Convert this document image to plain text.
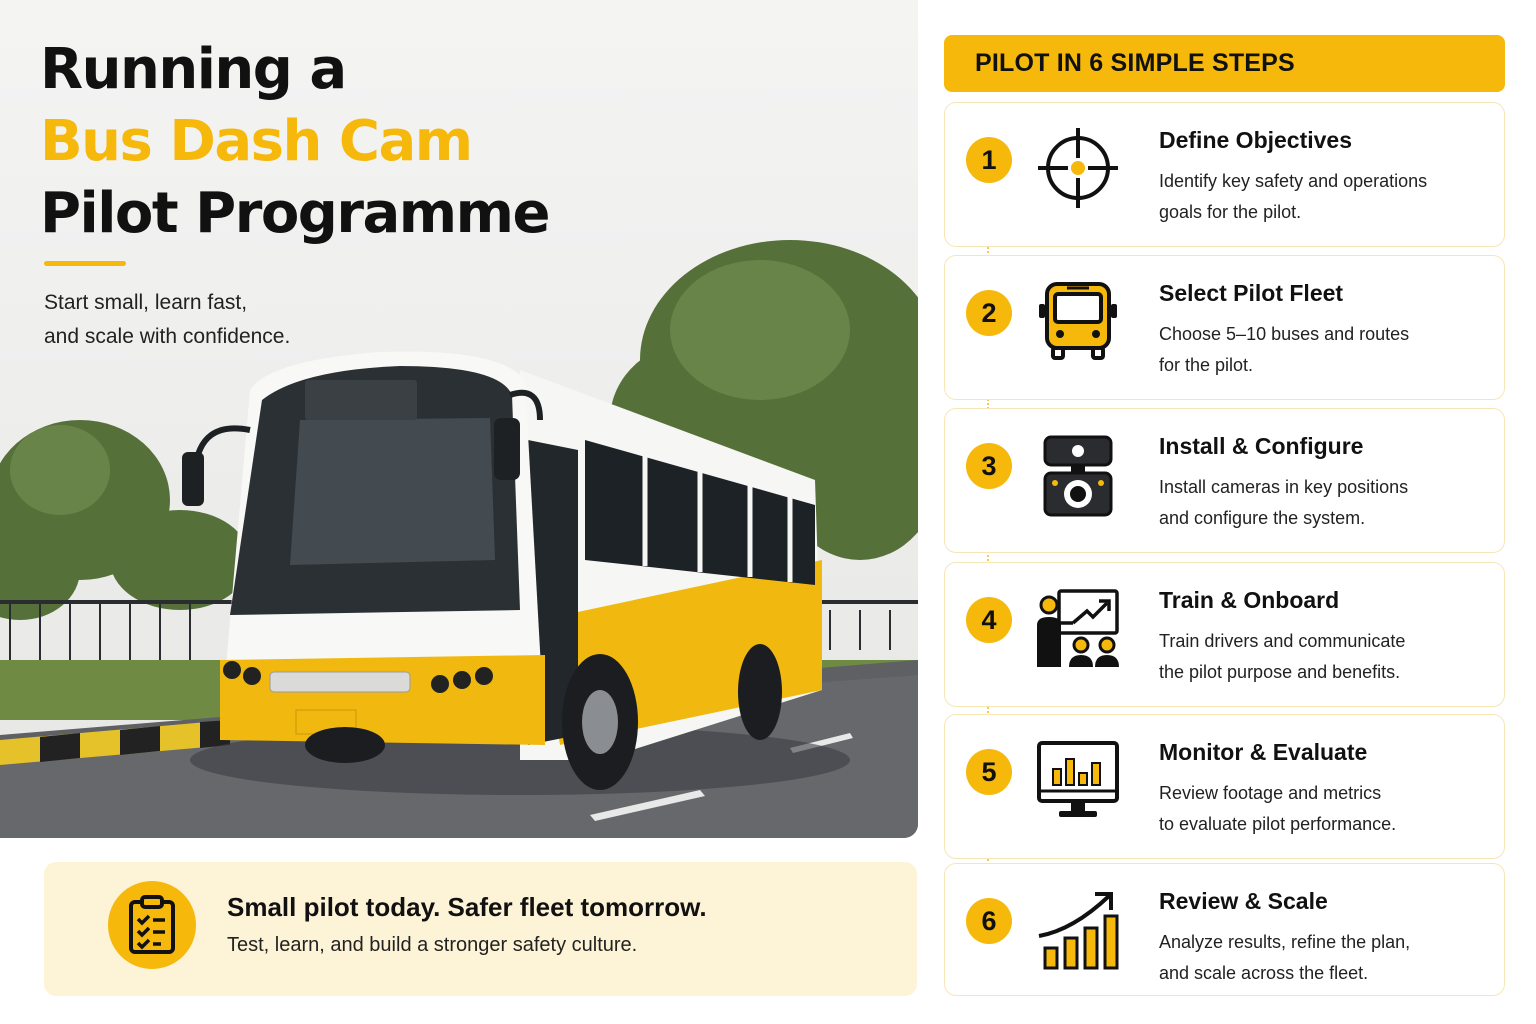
Running a
Bus Dash Cam
Pilot Programme
Start small, learn fast,
and scale with confidence.
Small pilot today. Safer fleet tomorrow.
Test, learn, and build a stronger safety culture.
PILOT IN 6 SIMPLE STEPS
1
Define Objectives
Identify key safety and operations
goals for the pilot.
2
Select Pilot Fleet
Choose 5–10 buses and routes
for the pilot.
3
Install & Configure
Install cameras in key positions
and configure the system.
4
Train & Onboard
Train drivers and communicate
the pilot purpose and benefits.
5
Monitor & Evaluate
Review footage and metrics
to evaluate pilot performance.
6
Review & Scale
Analyze results, refine the plan,
and scale across the fleet.
